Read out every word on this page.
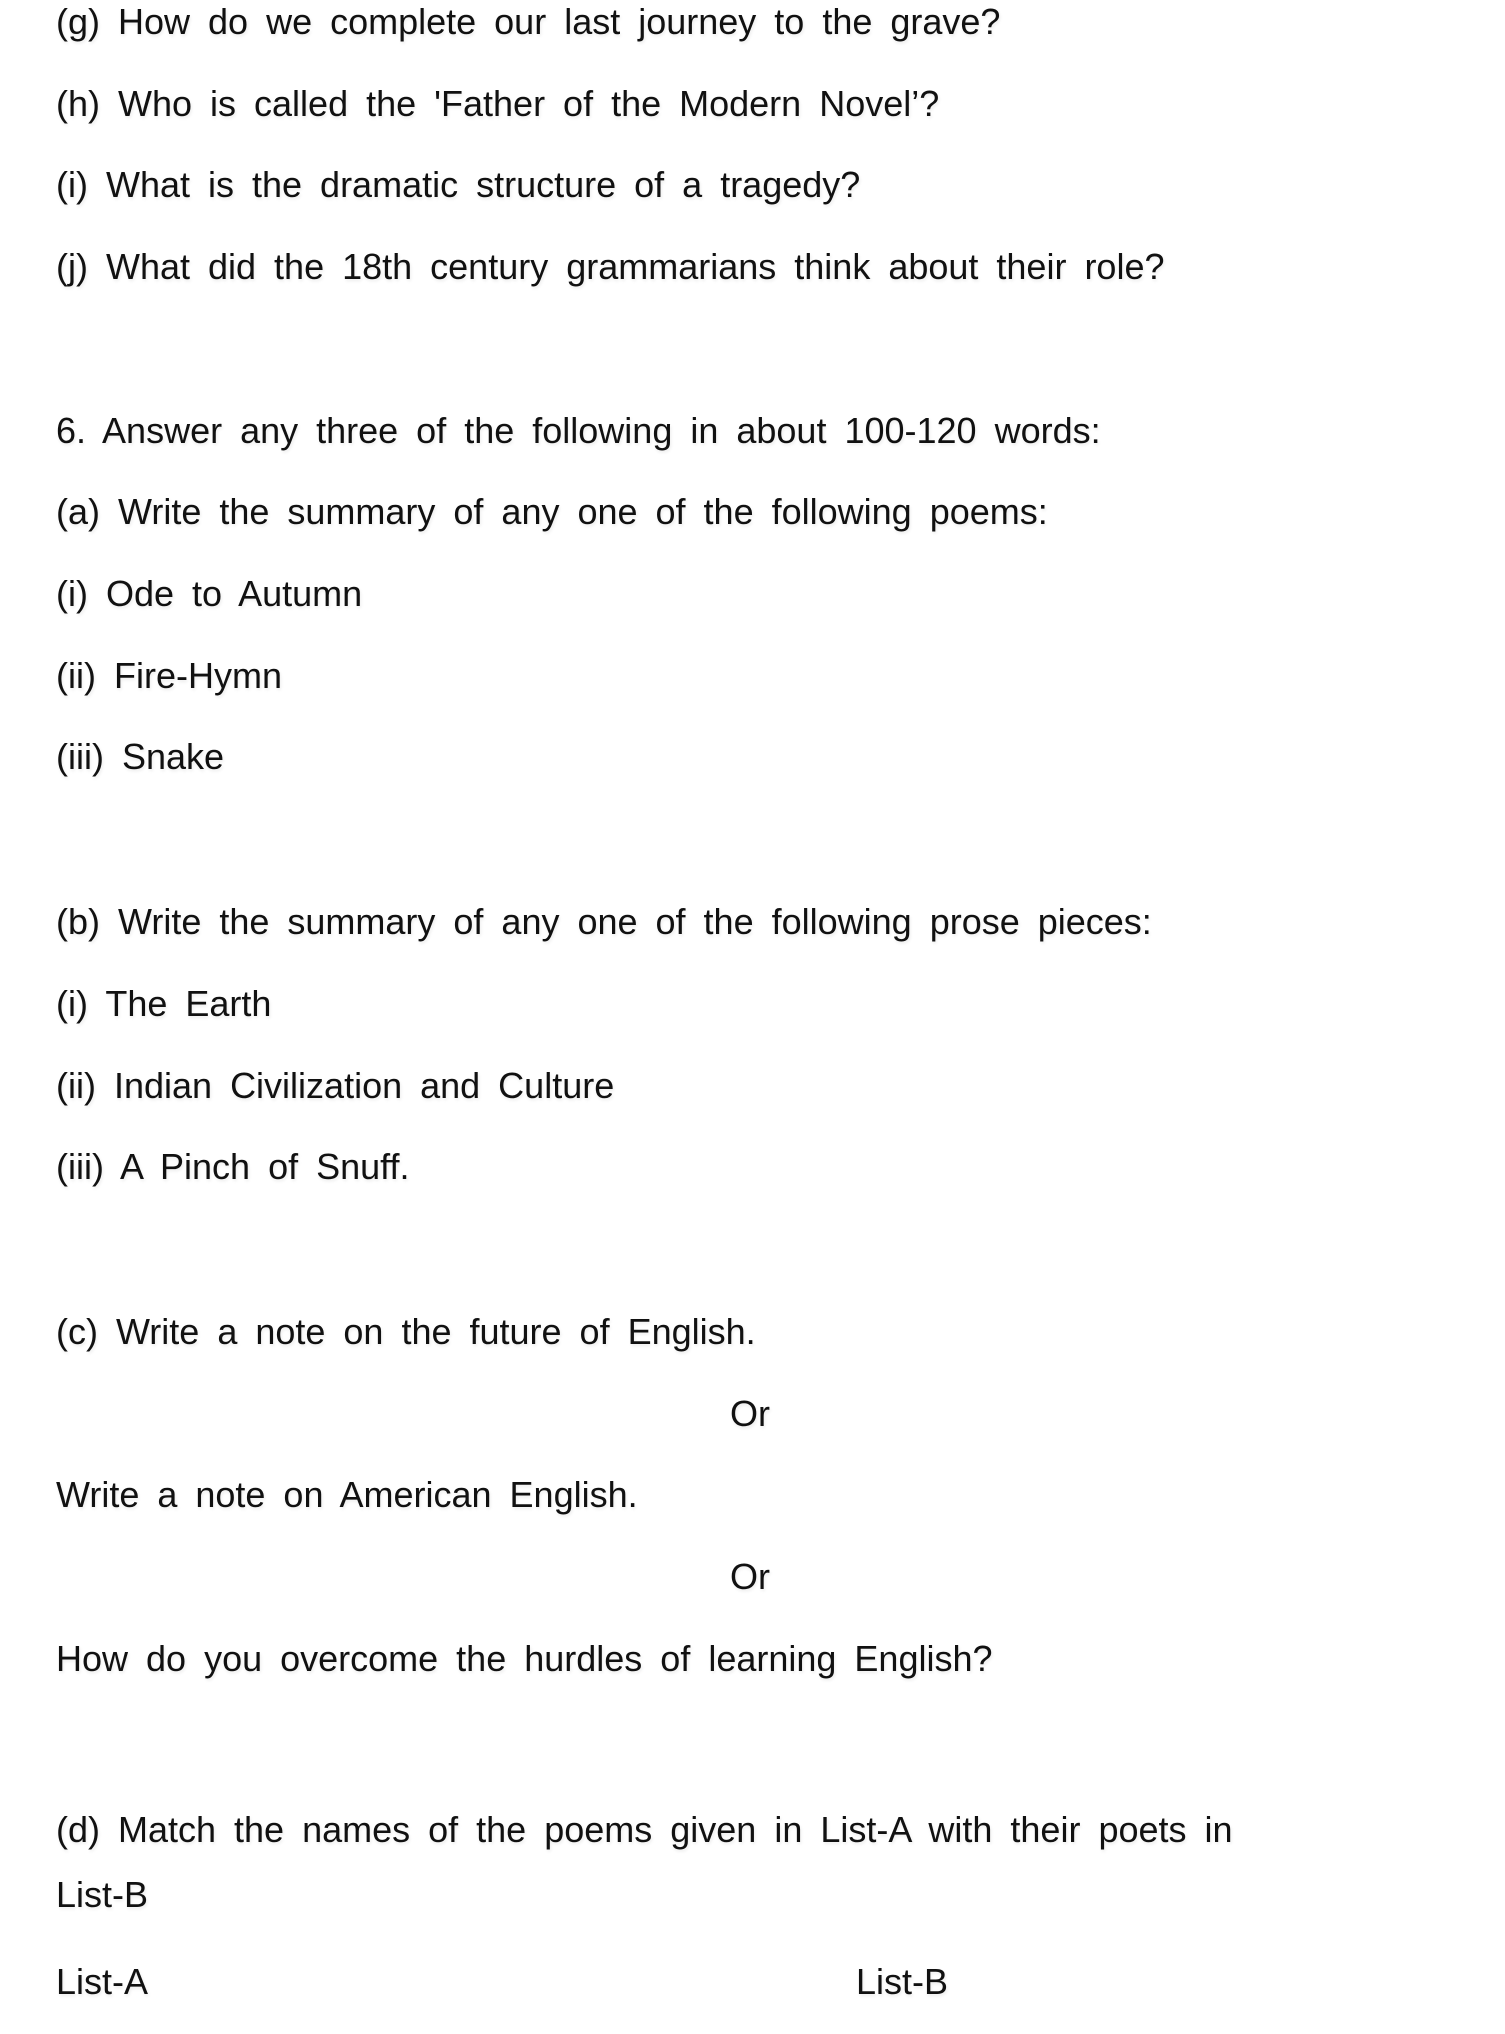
(g) How do we complete our last journey to the grave?
(h) Who is called the 'Father of the Modern Novel’?
(i) What is the dramatic structure of a tragedy?
(j) What did the 18th century grammarians think about their role?
6. Answer any three of the following in about 100-120 words:
(a) Write the summary of any one of the following poems:
(i) Ode to Autumn
(ii) Fire-Hymn
(iii) Snake
(b) Write the summary of any one of the following prose pieces:
(i) The Earth
(ii) Indian Civilization and Culture
(iii) A Pinch of Snuff.
(c) Write a note on the future of English.
Or
Write a note on American English.
Or
How do you overcome the hurdles of learning English?
(d) Match the names of the poems given in List-A with their poets in
List-B
List-A	List-B
